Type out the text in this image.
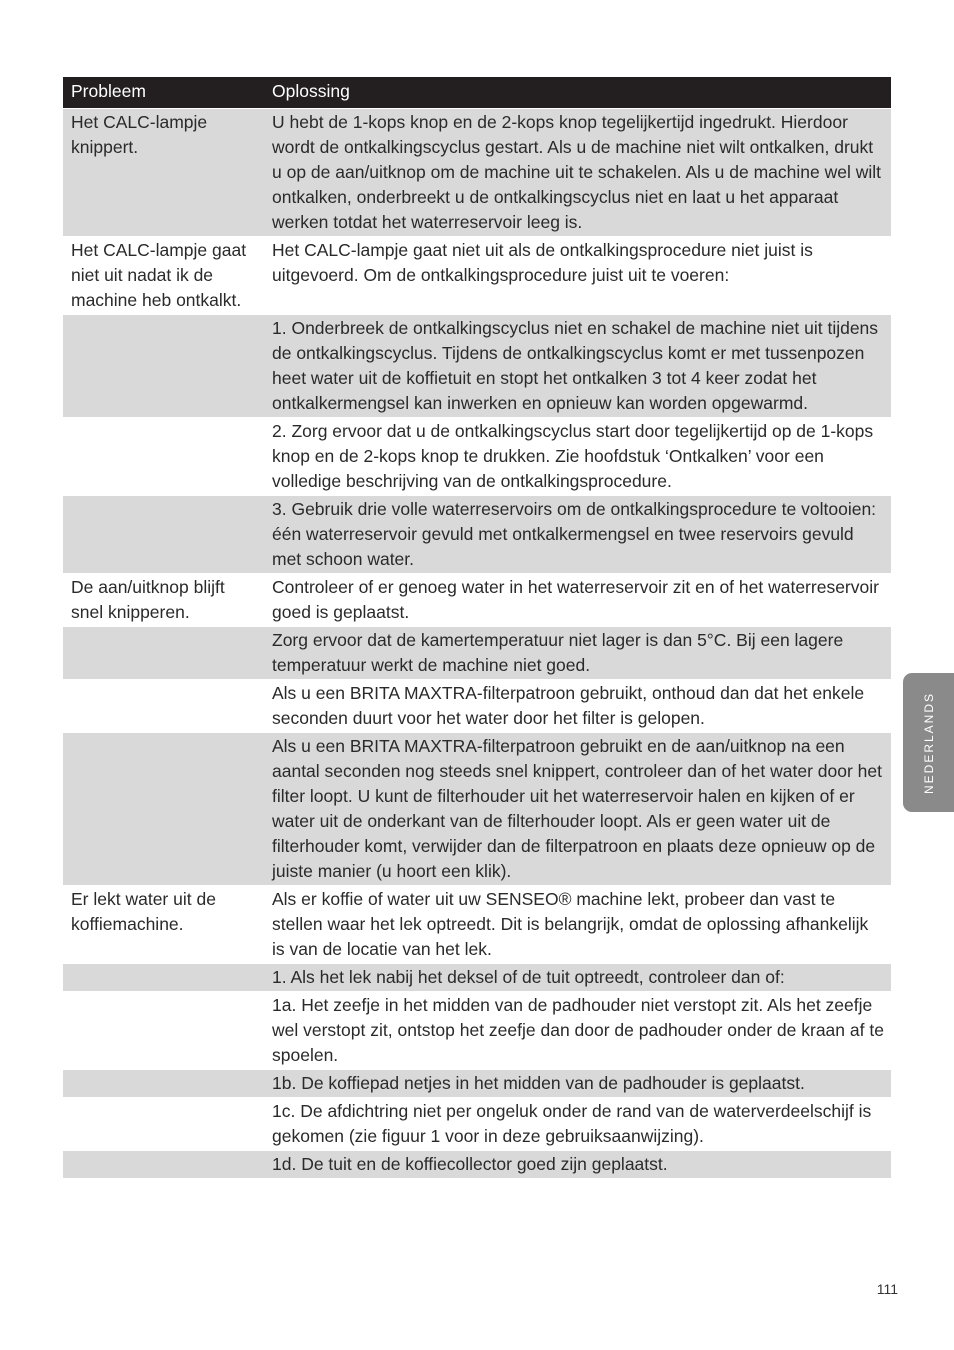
Probleem	Oplossing
Het CALC-lampje knippert.
U hebt de 1-kops knop en de 2-kops knop tegelijkertijd ingedrukt. Hierdoor wordt de ontkalkingscyclus gestart. Als u de machine niet wilt ontkalken, drukt u op de aan/uitknop om de machine uit te schakelen. Als u de machine wel wilt ontkalken, onderbreekt u de ontkalkingscyclus niet en laat u het apparaat werken totdat het waterreservoir leeg is.
Het CALC-lampje gaat niet uit nadat ik de machine heb ontkalkt.
Het CALC-lampje gaat niet uit als de ontkalkingsprocedure niet juist is uitgevoerd. Om de ontkalkingsprocedure juist uit te voeren:
1. Onderbreek de ontkalkingscyclus niet en schakel de machine niet uit tijdens de ontkalkingscyclus. Tijdens de ontkalkingscyclus komt er met tussenpozen heet water uit de koffietuit en stopt het ontkalken 3 tot 4 keer zodat het ontkalkermengsel kan inwerken en opnieuw kan worden opgewarmd.
2. Zorg ervoor dat u de ontkalkingscyclus start door tegelijkertijd op de 1-kops knop en de 2-kops knop te drukken. Zie hoofdstuk ‘Ontkalken’ voor een volledige beschrijving van de ontkalkingsprocedure.
3. Gebruik drie volle waterreservoirs om de ontkalkingsprocedure te voltooien: één waterreservoir gevuld met ontkalkermengsel en twee reservoirs gevuld met schoon water.
De aan/uitknop blijft snel knipperen.
Controleer of er genoeg water in het waterreservoir zit en of het waterreservoir goed is geplaatst.
Zorg ervoor dat de kamertemperatuur niet lager is dan 5°C. Bij een lagere temperatuur werkt de machine niet goed.
Als u een BRITA MAXTRA-filterpatroon gebruikt, onthoud dan dat het enkele seconden duurt voor het water door het filter is gelopen.
Als u een BRITA MAXTRA-filterpatroon gebruikt en de aan/uitknop na een aantal seconden nog steeds snel knippert, controleer dan of het water door het filter loopt. U kunt de filterhouder uit het waterreservoir halen en kijken of er water uit de onderkant van de filterhouder loopt. Als er geen water uit de filterhouder komt, verwijder dan de filterpatroon en plaats deze opnieuw op de juiste manier (u hoort een klik).
Er lekt water uit de koffiemachine.
Als er koffie of water uit uw SENSEO® machine lekt, probeer dan vast te stellen waar het lek optreedt. Dit is belangrijk, omdat de oplossing afhankelijk is van de locatie van het lek.
1. Als het lek nabij het deksel of de tuit optreedt, controleer dan of:
1a. Het zeefje in het midden van de padhouder niet verstopt zit. Als het zeefje wel verstopt zit, ontstop het zeefje dan door de padhouder onder de kraan af te spoelen.
1b. De koffiepad netjes in het midden van de padhouder is geplaatst.
1c. De afdichtring niet per ongeluk onder de rand van de waterverdeelschijf is gekomen (zie figuur 1 voor in deze gebruiksaanwijzing).
1d. De tuit en de koffiecollector goed zijn geplaatst.
NEDERLANDS
111
